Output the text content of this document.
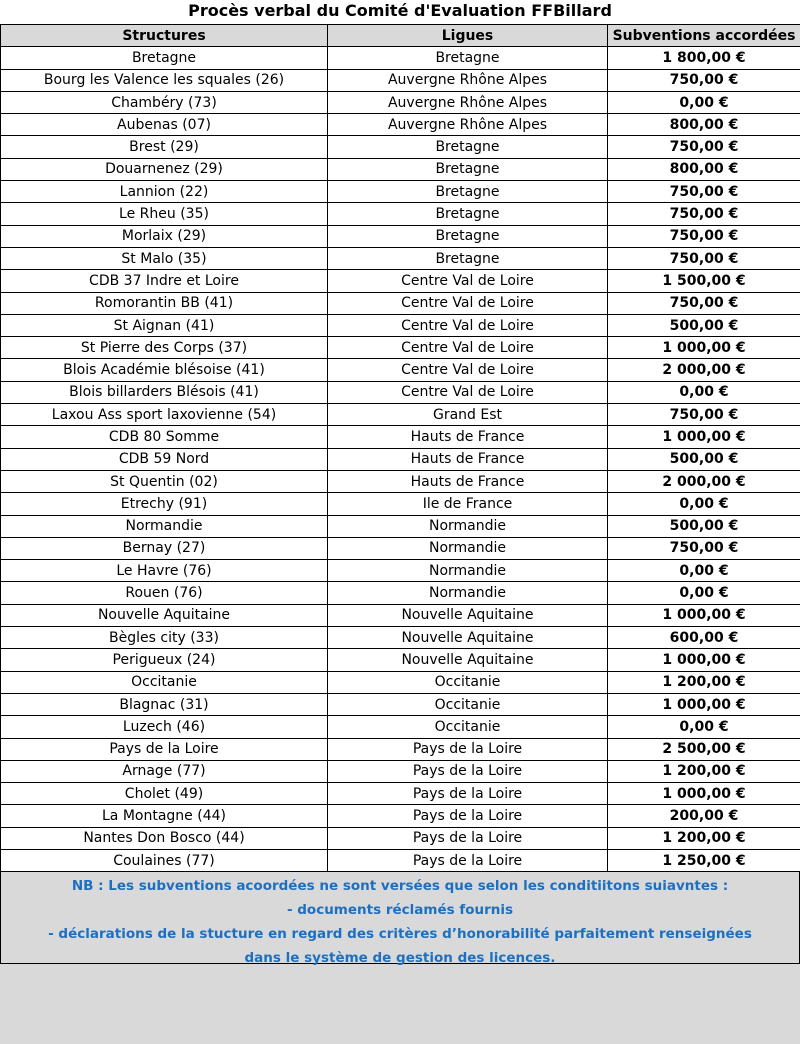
Procès verbal du Comité d'Evaluation FFBillard
Structures	Ligues	Subventions accordées
Bretagne	Bretagne	1 800,00 €
Bourg les Valence les squales (26)	Auvergne Rhône Alpes	750,00 €
Chambéry (73)	Auvergne Rhône Alpes	0,00 €
Aubenas (07)	Auvergne Rhône Alpes	800,00 €
Brest (29)	Bretagne	750,00 €
Douarnenez (29)	Bretagne	800,00 €
Lannion (22)	Bretagne	750,00 €
Le Rheu (35)	Bretagne	750,00 €
Morlaix (29)	Bretagne	750,00 €
St Malo (35)	Bretagne	750,00 €
CDB 37 Indre et Loire	Centre Val de Loire	1 500,00 €
Romorantin BB (41)	Centre Val de Loire	750,00 €
St Aignan (41)	Centre Val de Loire	500,00 €
St Pierre des Corps (37)	Centre Val de Loire	1 000,00 €
Blois Académie blésoise (41)	Centre Val de Loire	2 000,00 €
Blois billarders Blésois (41)	Centre Val de Loire	0,00 €
Laxou Ass sport laxovienne (54)	Grand Est	750,00 €
CDB 80 Somme	Hauts de France	1 000,00 €
CDB 59 Nord	Hauts de France	500,00 €
St Quentin (02)	Hauts de France	2 000,00 €
Etrechy (91)	Ile de France	0,00 €
Normandie	Normandie	500,00 €
Bernay (27)	Normandie	750,00 €
Le Havre (76)	Normandie	0,00 €
Rouen (76)	Normandie	0,00 €
Nouvelle Aquitaine	Nouvelle Aquitaine	1 000,00 €
Bègles city (33)	Nouvelle Aquitaine	600,00 €
Perigueux (24)	Nouvelle Aquitaine	1 000,00 €
Occitanie	Occitanie	1 200,00 €
Blagnac (31)	Occitanie	1 000,00 €
Luzech (46)	Occitanie	0,00 €
Pays de la Loire	Pays de la Loire	2 500,00 €
Arnage (77)	Pays de la Loire	1 200,00 €
Cholet (49)	Pays de la Loire	1 000,00 €
La Montagne (44)	Pays de la Loire	200,00 €
Nantes Don Bosco (44)	Pays de la Loire	1 200,00 €
Coulaines (77)	Pays de la Loire	1 250,00 €
NB : Les subventions acoordées ne sont versées que selon les conditiitons suiavntes :
- documents réclamés fournis
- déclarations de la stucture en regard des critères d’honorabilité parfaitement renseignées
dans le système de gestion des licences.
